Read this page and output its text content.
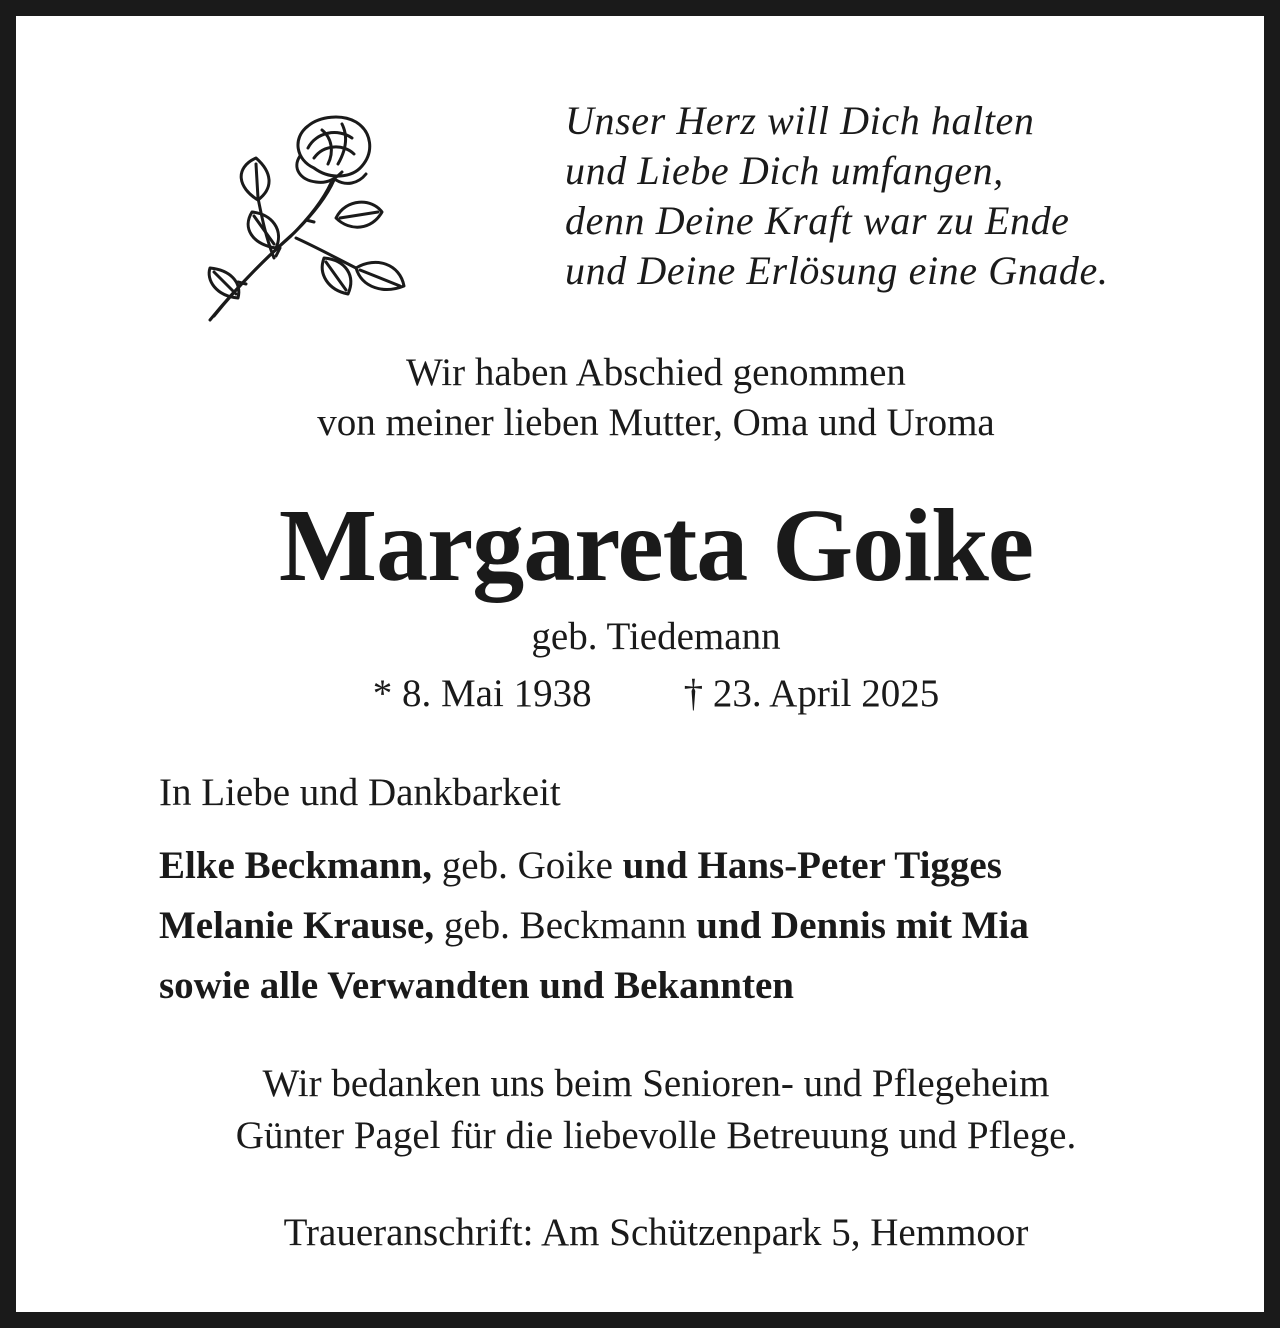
Unser Herz will Dich halten
und Liebe Dich umfangen,
denn Deine Kraft war zu Ende
und Deine Erlösung eine Gnade.
Wir haben Abschied genommen
von meiner lieben Mutter, Oma und Uroma
Margareta Goike
geb. Tiedemann
* 8. Mai 1938 † 23. April 2025
In Liebe und Dankbarkeit
Elke Beckmann, geb. Goike und Hans-Peter Tigges
Melanie Krause, geb. Beckmann und Dennis mit Mia
sowie alle Verwandten und Bekannten
Wir bedanken uns beim Senioren- und Pflegeheim
Günter Pagel für die liebevolle Betreuung und Pflege.
Traueranschrift: Am Schützenpark 5, Hemmoor
